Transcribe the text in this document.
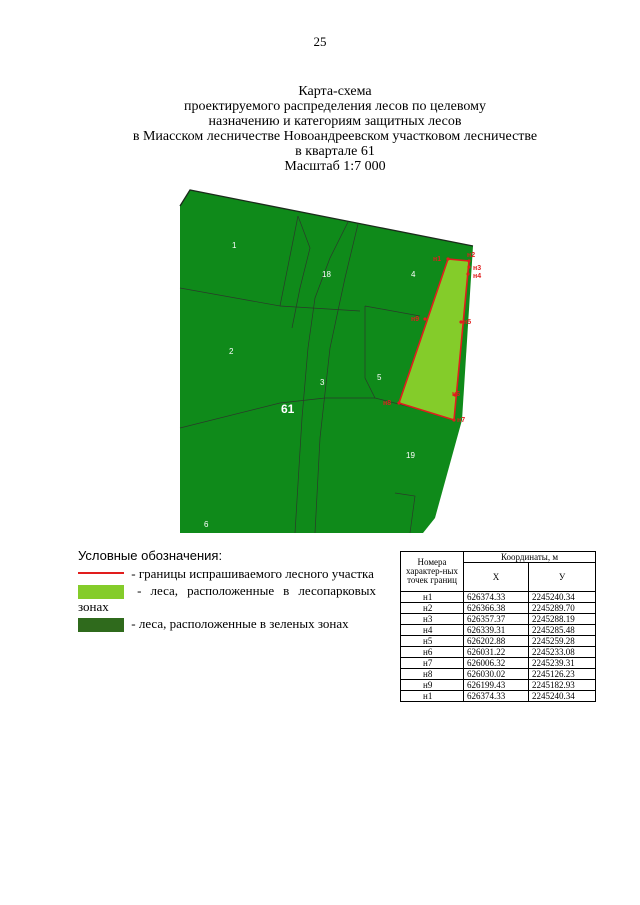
25
Карта-схема
проектируемого распределения лесов по целевому
назначению и категориям защитных лесов
в Миасском лесничестве Новоандреевском участковом лесничестве
в квартале 61
Масштаб 1:7 000
1
18	4
2
3
5
19
6
61
н1
н2
н3
н4
н5
н6
н7
н8
н9
Условные обозначения:
- границы испрашиваемого лесного участка
- леса, расположенные в лесопарковых зонах
- леса, расположенные в зеленых зонах
Номера характер-ных точек границ	Координаты, м	
	Х	У
н1	626374.33	2245240.34
н2	626366.38	2245289.70
н3	626357.37	2245288.19
н4	626339.31	2245285.48
н5	626202.88	2245259.28
н6	626031.22	2245233.08
н7	626006.32	2245239.31
н8	626030.02	2245126.23
н9	626199.43	2245182.93
н1	626374.33	2245240.34
